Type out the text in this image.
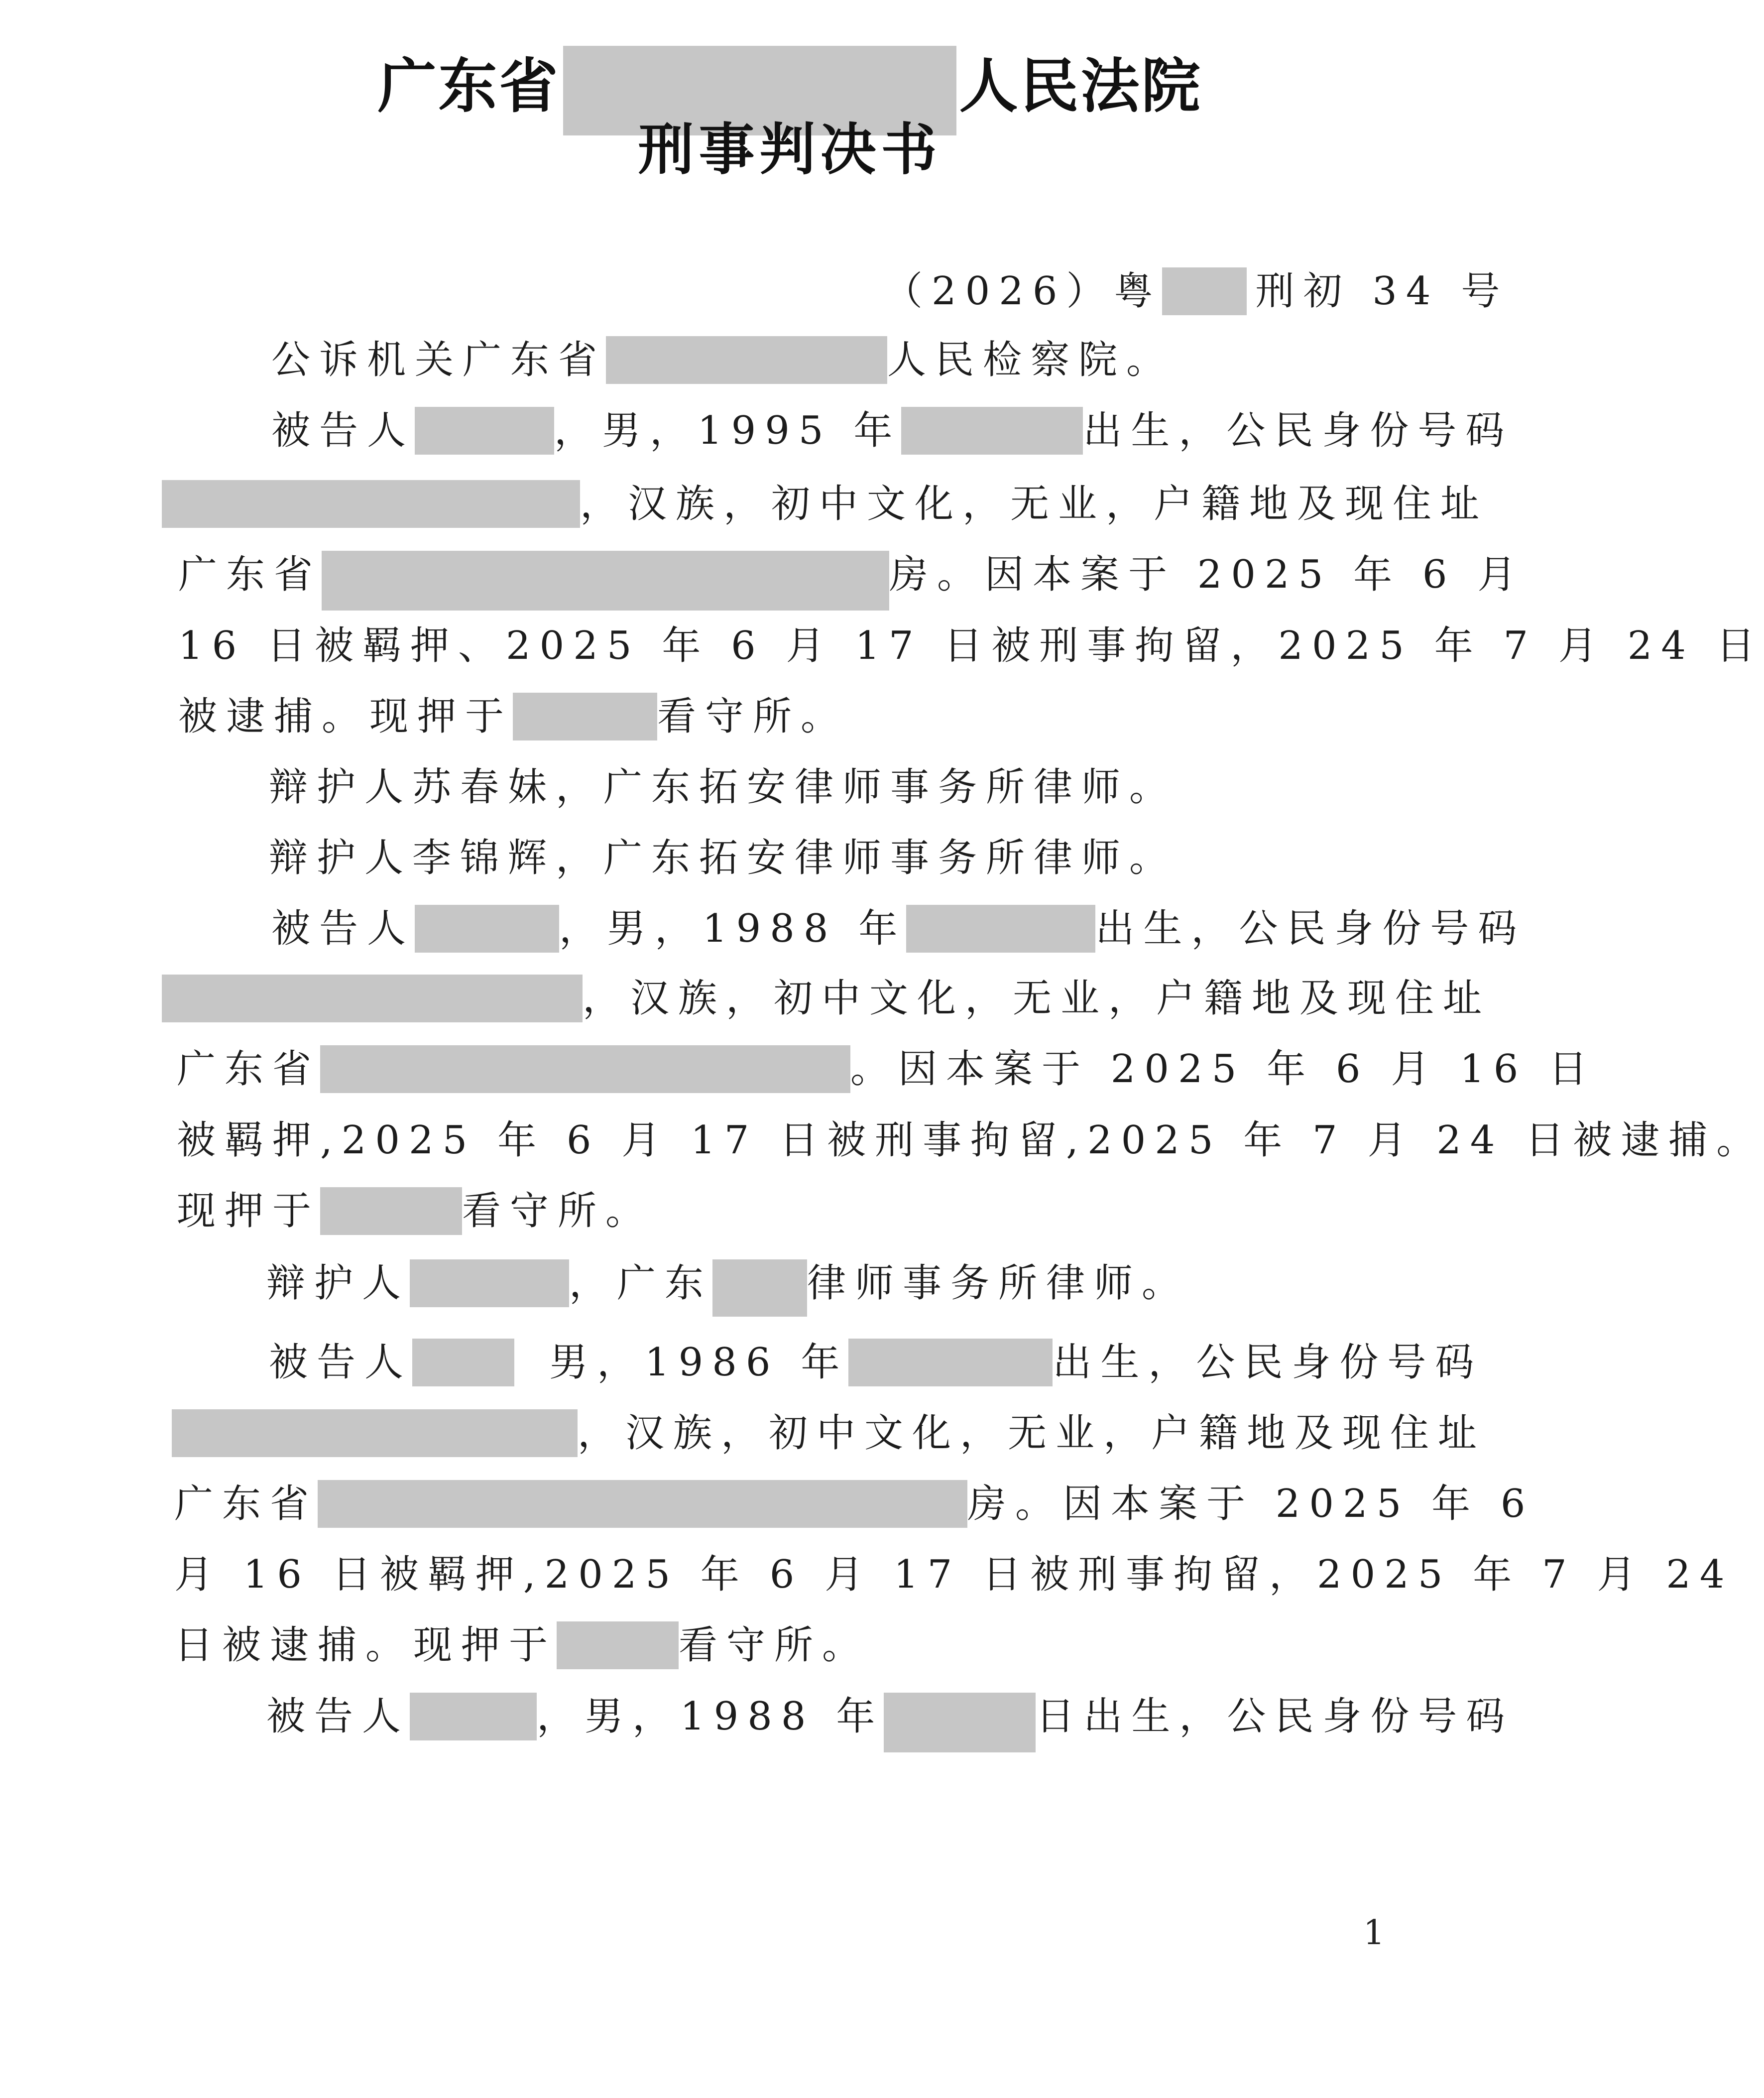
广东省	人民法院
刑事判决书
（2026）粤 刑初 34 号
公诉机关广东省	人民检察院。
被告人	，男，1995 年	出生，公民身份号码
，汉族，初中文化，无业，户籍地及现住址
广东省	房。因本案于 2025 年 6 月
16 日被羁押、2025 年 6 月 17 日被刑事拘留，2025 年 7 月 24 日
被逮捕。现押于	看守所。
辩护人苏春妹，广东拓安律师事务所律师。
辩护人李锦辉，广东拓安律师事务所律师。
被告人	，男，1988 年	出生，公民身份号码
，汉族，初中文化，无业，户籍地及现住址
广东省	。因本案于 2025 年 6 月 16 日
被羁押,2025 年 6 月 17 日被刑事拘留,2025 年 7 月 24 日被逮捕。
现押于	看守所。
辩护人	，广东 律师事务所律师。
被告人	男，1986 年	出生，公民身份号码
，汉族，初中文化，无业，户籍地及现住址
广东省	房。因本案于 2025 年 6
月 16 日被羁押,2025 年 6 月 17 日被刑事拘留，2025 年 7 月 24
日被逮捕。现押于	看守所。
被告人	，男，1988 年	日出生，公民身份号码
1
